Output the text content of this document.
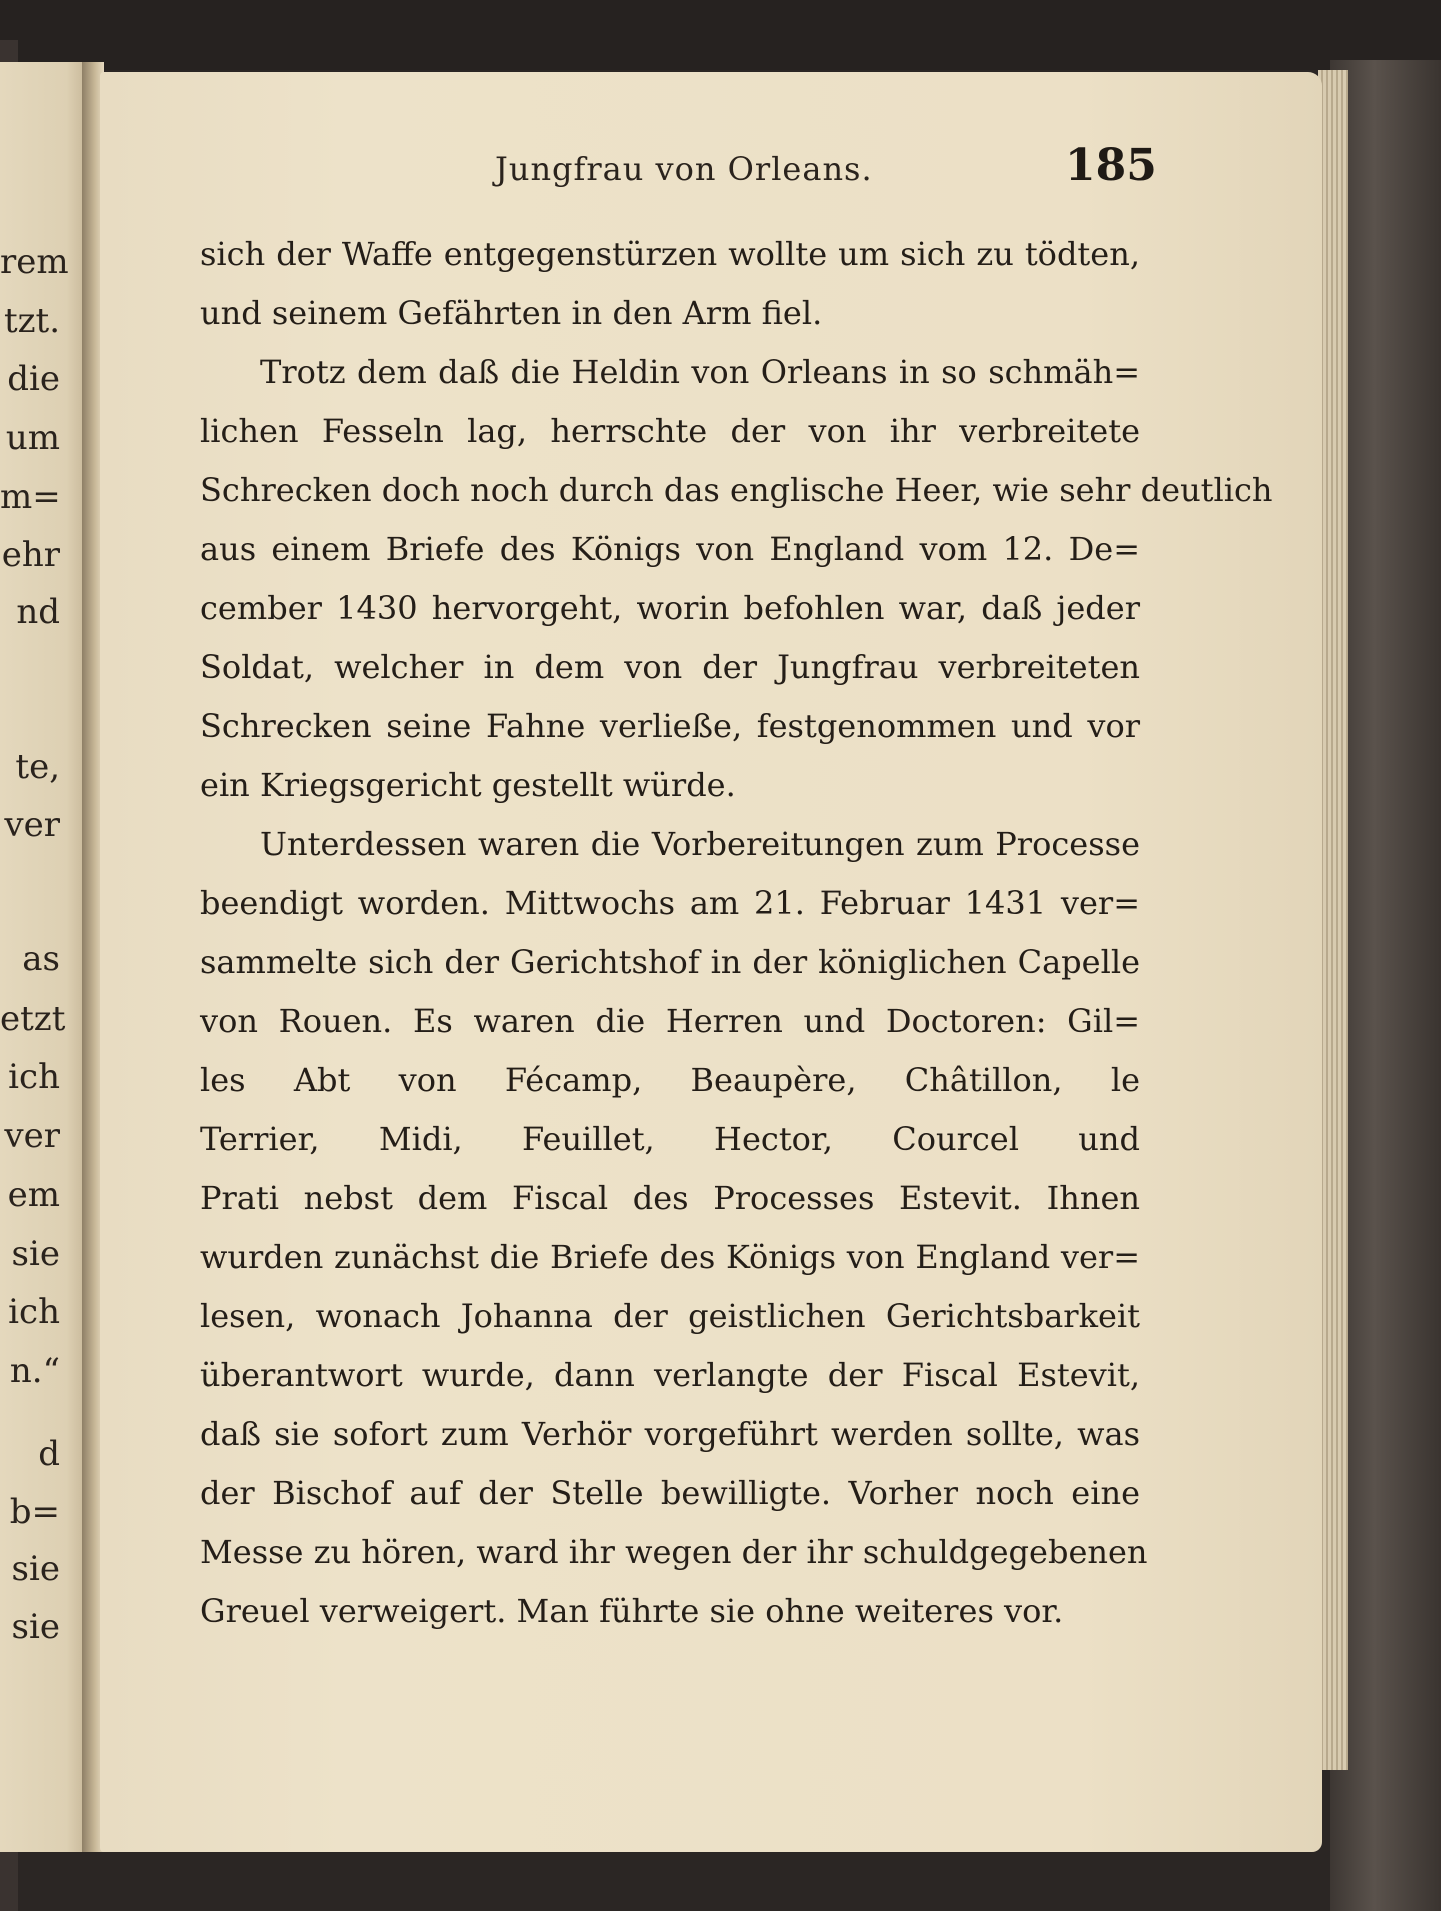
rem
tzt.
die
um
m=
ehr
nd
te,
ver
as
etzt
ich
ver
em
sie
ich
n.“
d
b=
sie
sie
Jungfrau von Orleans.	185
sich der Waffe entgegenstürzen wollte um sich zu tödten,
und seinem Gefährten in den Arm fiel.
Trotz dem daß die Heldin von Orleans in so schmäh=
lichen Fesseln lag, herrschte der von ihr verbreitete
Schrecken doch noch durch das englische Heer, wie sehr deutlich
aus einem Briefe des Königs von England vom 12. De=
cember 1430 hervorgeht, worin befohlen war, daß jeder
Soldat, welcher in dem von der Jungfrau verbreiteten
Schrecken seine Fahne verließe, festgenommen und vor
ein Kriegsgericht gestellt würde.
Unterdessen waren die Vorbereitungen zum Processe
beendigt worden. Mittwochs am 21. Februar 1431 ver=
sammelte sich der Gerichtshof in der königlichen Capelle
von Rouen. Es waren die Herren und Doctoren: Gil=
les Abt von Fécamp, Beaupère, Châtillon, le
Terrier, Midi, Feuillet, Hector, Courcel und
Prati nebst dem Fiscal des Processes Estevit. Ihnen
wurden zunächst die Briefe des Königs von England ver=
lesen, wonach Johanna der geistlichen Gerichtsbarkeit
überantwort wurde, dann verlangte der Fiscal Estevit,
daß sie sofort zum Verhör vorgeführt werden sollte, was
der Bischof auf der Stelle bewilligte. Vorher noch eine
Messe zu hören, ward ihr wegen der ihr schuldgegebenen
Greuel verweigert. Man führte sie ohne weiteres vor.
